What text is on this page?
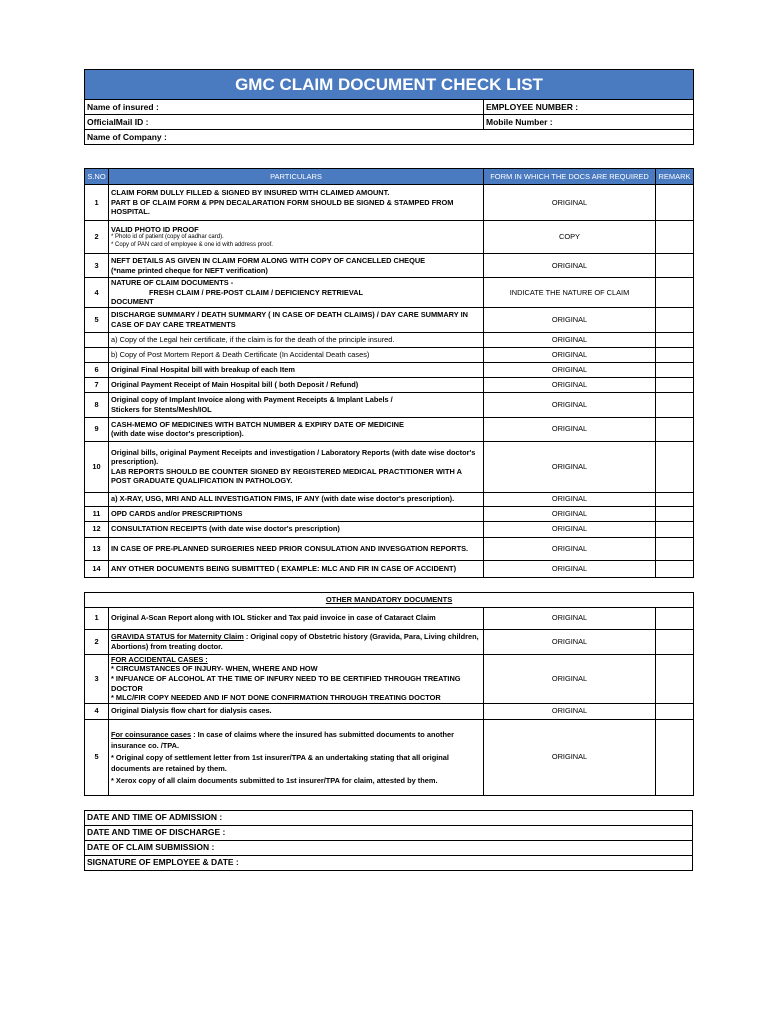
GMC CLAIM DOCUMENT CHECK LIST	
Name of insured :	EMPLOYEE NUMBER :
OfficialMail ID :	Mobile Number :
Name of Company :	
S.NO	PARTICULARS	FORM IN WHICH THE DOCS ARE REQUIRED	REMARK
1	CLAIM FORM DULLY FILLED & SIGNED BY INSURED WITH CLAIMED AMOUNT.
PART B OF CLAIM FORM & PPN DECALARATION FORM SHOULD BE SIGNED & STAMPED FROM HOSPITAL.	ORIGINAL	
2	VALID PHOTO ID PROOF
* Photo id of patient (copy of aadhar card).
* Copy of PAN card of employee & one id with address proof.	COPY	
3	NEFT DETAILS AS GIVEN IN CLAIM FORM ALONG WITH COPY OF CANCELLED CHEQUE
(*name printed cheque for NEFT verification)	ORIGINAL	
4	NATURE OF CLAIM DOCUMENTS -FRESH CLAIM / PRE-POST CLAIM / DEFICIENCY RETRIEVAL
DOCUMENT	INDICATE THE NATURE OF CLAIM	
5	DISCHARGE SUMMARY / DEATH SUMMARY ( IN CASE OF DEATH CLAIMS) / DAY CARE SUMMARY IN CASE OF DAY CARE TREATMENTS	ORIGINAL	
	a) Copy of the Legal heir certificate, if the claim is for the death of the principle insured.	ORIGINAL	
	b) Copy of Post Mortem Report & Death Certificate (In Accidental Death cases)	ORIGINAL	
6	Original Final Hospital bill with breakup of each Item	ORIGINAL	
7	Original Payment Receipt of Main Hospital bill ( both Deposit / Refund)	ORIGINAL	
8	Original copy of Implant Invoice along with Payment Receipts & Implant Labels /
Stickers for Stents/Mesh/IOL	ORIGINAL	
9	CASH-MEMO OF MEDICINES WITH BATCH NUMBER & EXPIRY DATE OF MEDICINE
(with date wise doctor's prescription).	ORIGINAL	
10	Original bills, original Payment Receipts and investigation / Laboratory Reports (with date wise doctor's prescription).
LAB REPORTS SHOULD BE COUNTER SIGNED BY REGISTERED MEDICAL PRACTITIONER WITH A POST GRADUATE QUALIFICATION IN PATHOLOGY.	ORIGINAL	
	a) X-RAY, USG, MRI AND ALL INVESTIGATION FIMS, IF ANY (with date wise doctor's prescription).	ORIGINAL	
11	OPD CARDS and/or PRESCRIPTIONS	ORIGINAL	
12	CONSULTATION RECEIPTS (with date wise doctor's prescription)	ORIGINAL	
13	IN CASE OF PRE-PLANNED SURGERIES NEED PRIOR CONSULATION AND INVESGATION REPORTS.	ORIGINAL	
14	ANY OTHER DOCUMENTS BEING SUBMITTED ( EXAMPLE: MLC AND FIR IN CASE OF ACCIDENT)	ORIGINAL	
OTHER MANDATORY DOCUMENTS			
1	Original A-Scan Report along with IOL Sticker and Tax paid invoice in case of Cataract Claim	ORIGINAL	
2	GRAVIDA STATUS for Maternity Claim : Original copy of Obstetric history (Gravida, Para, Living children, Abortions) from treating doctor.	ORIGINAL	
3	FOR ACCIDENTAL CASES :
* CIRCUMSTANCES OF INJURY- WHEN, WHERE AND HOW
* INFUANCE OF ALCOHOL AT THE TIME OF INFURY NEED TO BE CERTIFIED THROUGH TREATING DOCTOR
* MLC/FIR COPY NEEDED AND IF NOT DONE CONFIRMATION THROUGH TREATING DOCTOR	ORIGINAL	
4	Original Dialysis flow chart for dialysis cases.	ORIGINAL	
5	For coinsurance cases : In case of claims where the insured has submitted documents to another insurance co. /TPA.
* Original copy of settlement letter from 1st insurer/TPA & an undertaking stating that all original documents are retained by them.
* Xerox copy of all claim documents submitted to 1st insurer/TPA for claim, attested by them.	ORIGINAL	
DATE AND TIME OF ADMISSION :
DATE AND TIME OF DISCHARGE :
DATE OF CLAIM SUBMISSION :
SIGNATURE OF EMPLOYEE & DATE :
